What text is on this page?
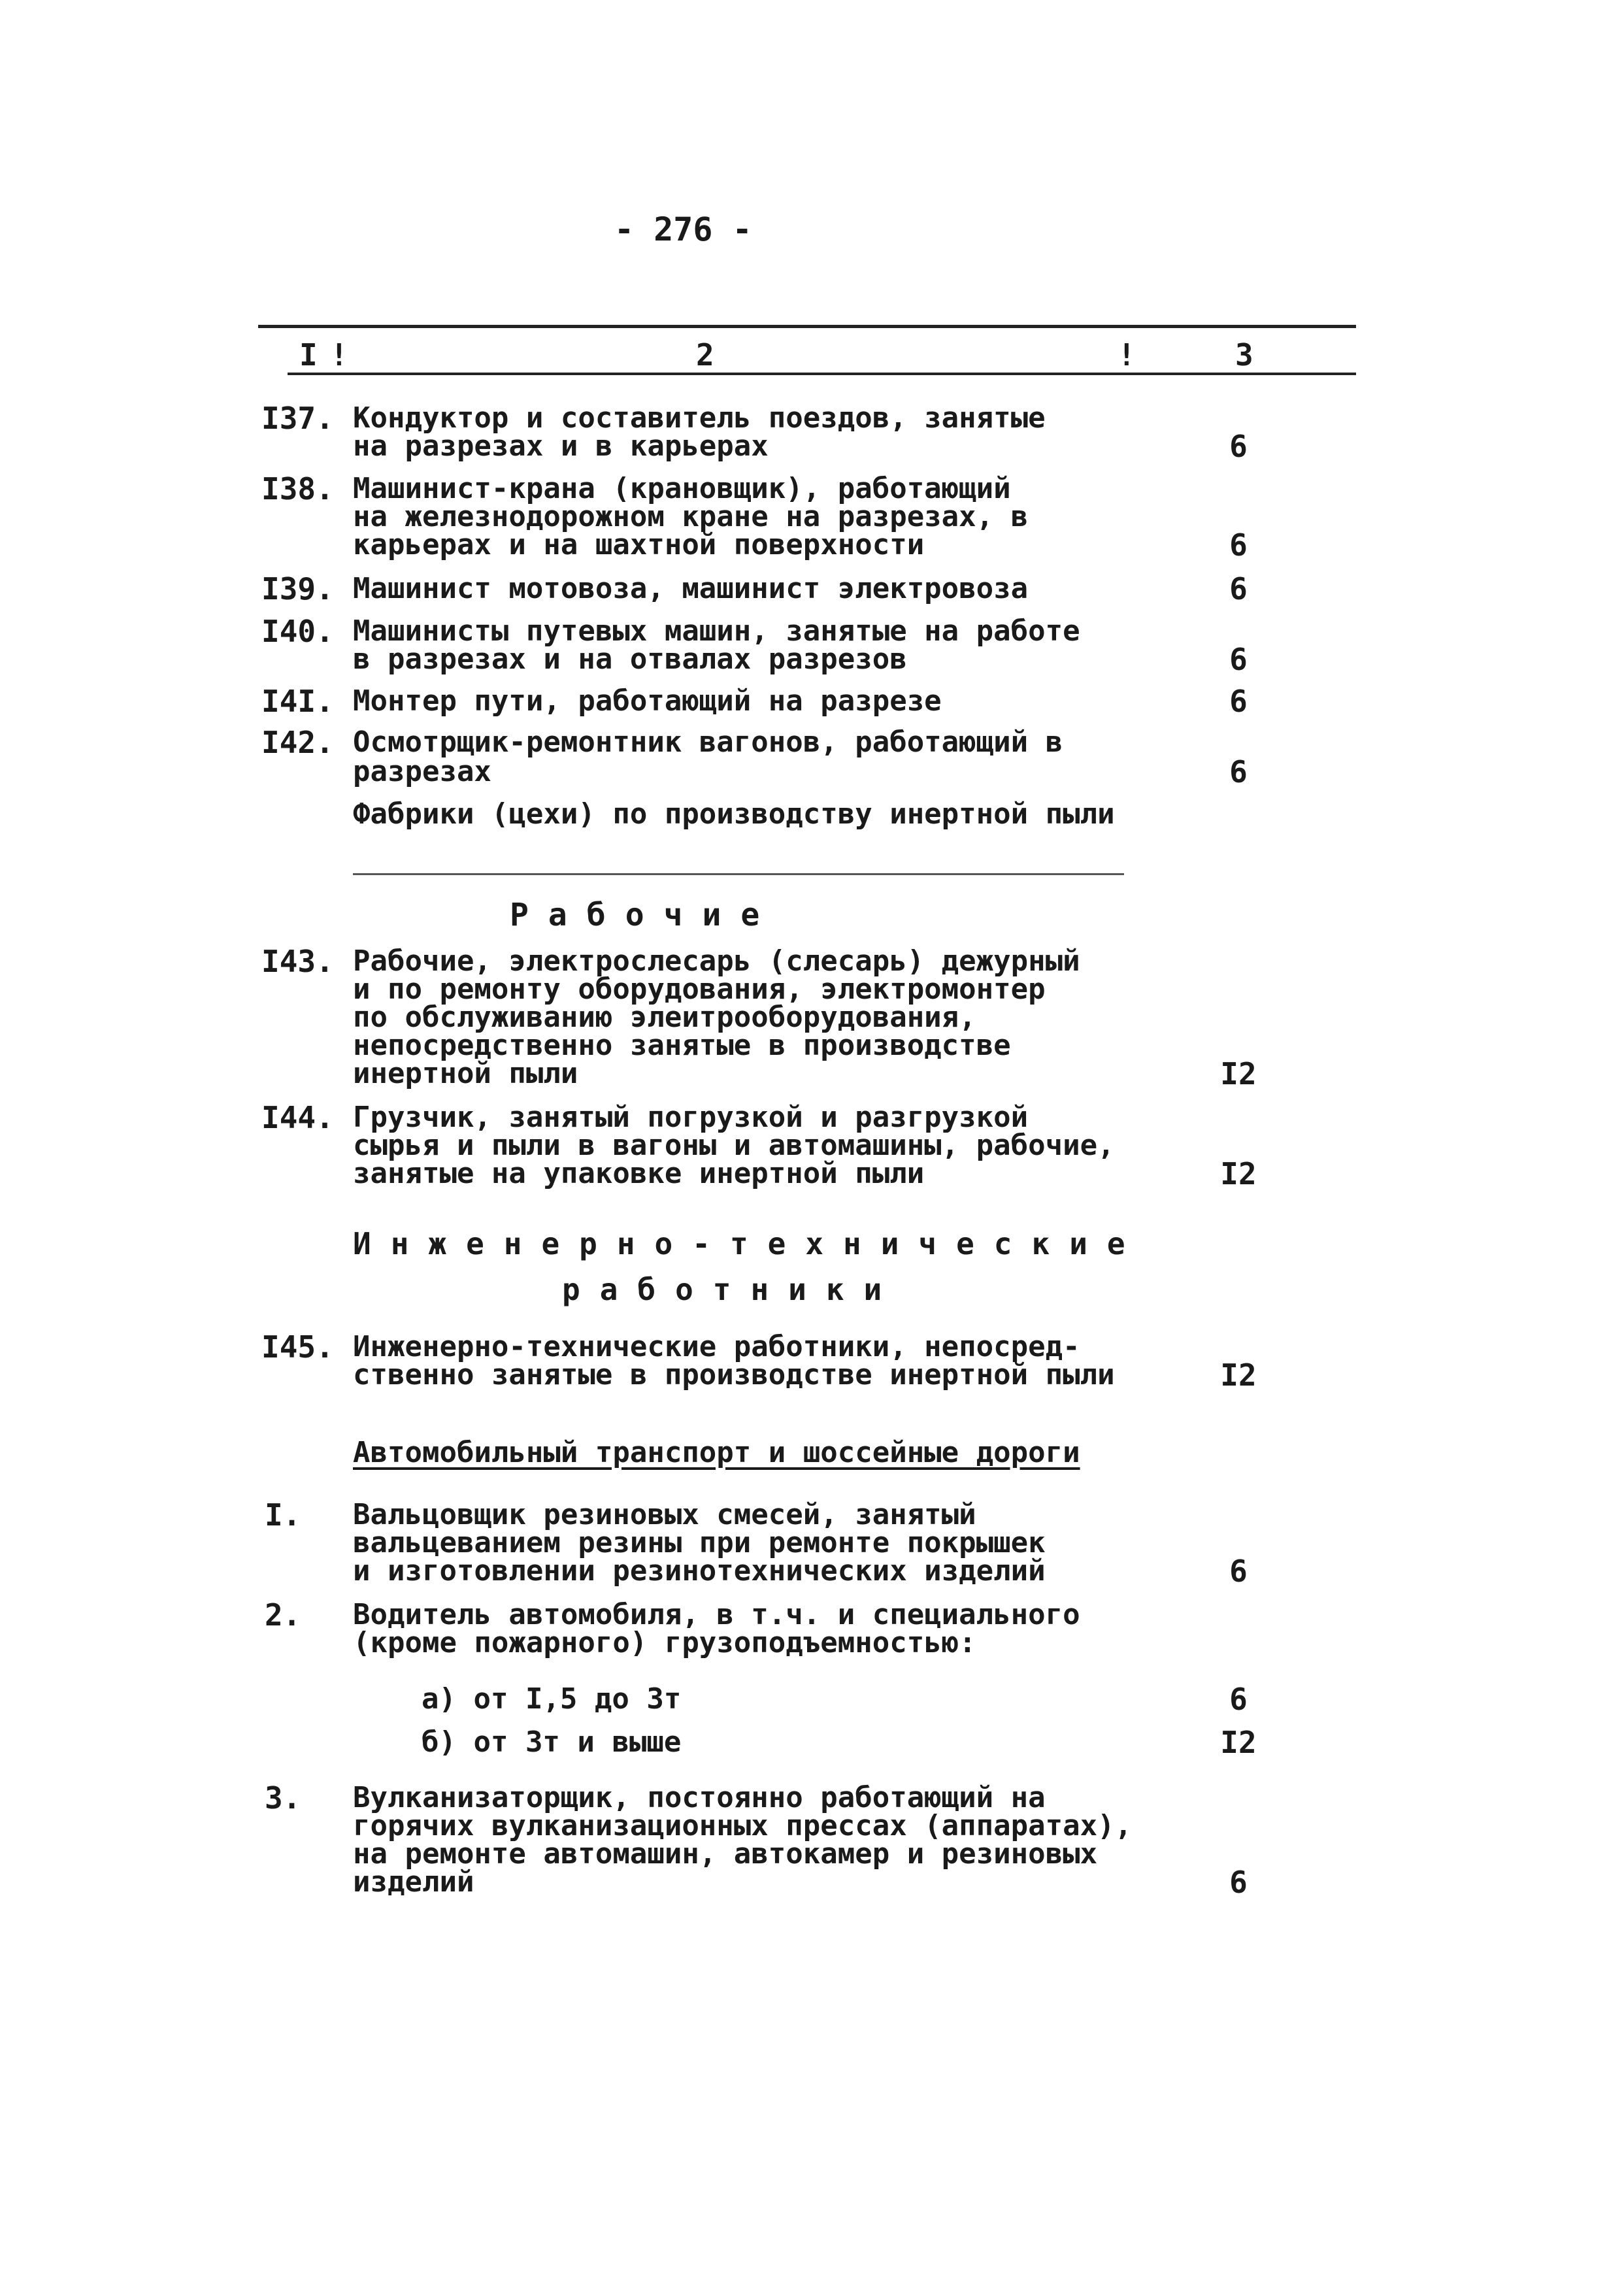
- 276 -
I !	2	!	3
I37. Кондуктор и составитель поездов, занятые
на разрезах и в карьерах	6
I38. Машинист-крана (крановщик), работающий
на железнодорожном кране на разрезах, в
карьерах и на шахтной поверхности	6
I39. Машинист мотовоза, машинист электровоза	6
I40. Машинисты путевых машин, занятые на работе
в разрезах и на отвалах разрезов	6
I4I. Монтер пути, работающий на разрезе	6
I42. Осмотрщик-ремонтник вагонов, работающий в
разрезах	6
Фабрики (цехи) по производству инертной пыли
Рабочие
I43. Рабочие, электрослесарь (слесарь) дежурный
и по ремонту оборудования, электромонтер
по обслуживанию элеитрооборудования,
непосредственно занятые в производстве
инертной пыли	I2
I44. Грузчик, занятый погрузкой и разгрузкой
сырья и пыли в вагоны и автомашины, рабочие,
занятые на упаковке инертной пыли	I2
Инженерно-технические
работники
I45. Инженерно-технические работники, непосред-
ственно занятые в производстве инертной пыли	I2
Автомобильный транспорт и шоссейные дороги
I. Вальцовщик резиновых смесей, занятый
вальцеванием резины при ремонте покрышек
и изготовлении резинотехнических изделий	6
2. Водитель автомобиля, в т.ч. и специального
(кроме пожарного) грузоподъемностью:
а) от I,5 до 3т	6
б) от 3т и выше	I2
3. Вулканизаторщик, постоянно работающий на
горячих вулканизационных прессах (аппаратах),
на ремонте автомашин, автокамер и резиновых
изделий	6
